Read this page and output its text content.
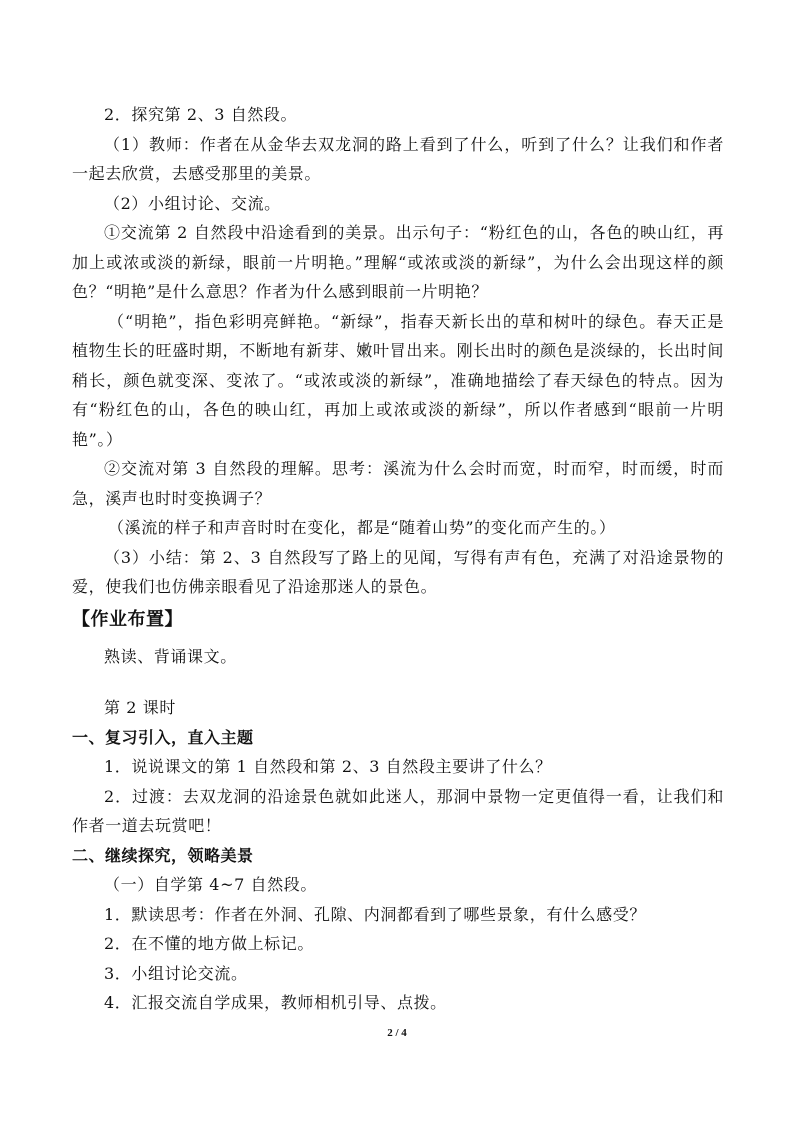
2．探究第 2、3 自然段。

（1）教师：作者在从金华去双龙洞的路上看到了什么，听到了什么？让我们和作者一起去欣赏，去感受那里的美景。

（2）小组讨论、交流。

①交流第 2 自然段中沿途看到的美景。出示句子：“粉红色的山，各色的映山红，再加上或浓或淡的新绿，眼前一片明艳。”理解“或浓或淡的新绿”，为什么会出现这样的颜色？“明艳”是什么意思？作者为什么感到眼前一片明艳？

（“明艳”，指色彩明亮鲜艳。“新绿”，指春天新长出的草和树叶的绿色。春天正是植物生长的旺盛时期，不断地有新芽、嫩叶冒出来。刚长出时的颜色是淡绿的，长出时间稍长，颜色就变深、变浓了。“或浓或淡的新绿”，准确地描绘了春天绿色的特点。因为有“粉红色的山，各色的映山红，再加上或浓或淡的新绿”，所以作者感到“眼前一片明艳”。）

②交流对第 3 自然段的理解。思考：溪流为什么会时而宽，时而窄，时而缓，时而急，溪声也时时变换调子？

（溪流的样子和声音时时在变化，都是“随着山势”的变化而产生的。）

（3）小结：第 2、3 自然段写了路上的见闻，写得有声有色，充满了对沿途景物的爱，使我们也仿佛亲眼看见了沿途那迷人的景色。

【作业布置】

熟读、背诵课文。

第 2 课时

一、复习引入，直入主题

1．说说课文的第 1 自然段和第 2、3 自然段主要讲了什么？

2．过渡：去双龙洞的沿途景色就如此迷人，那洞中景物一定更值得一看，让我们和作者一道去玩赏吧！

二、继续探究，领略美景

（一）自学第 4~7 自然段。

1．默读思考：作者在外洞、孔隙、内洞都看到了哪些景象，有什么感受？

2．在不懂的地方做上标记。

3．小组讨论交流。

4．汇报交流自学成果，教师相机引导、点拨。

2 / 4
